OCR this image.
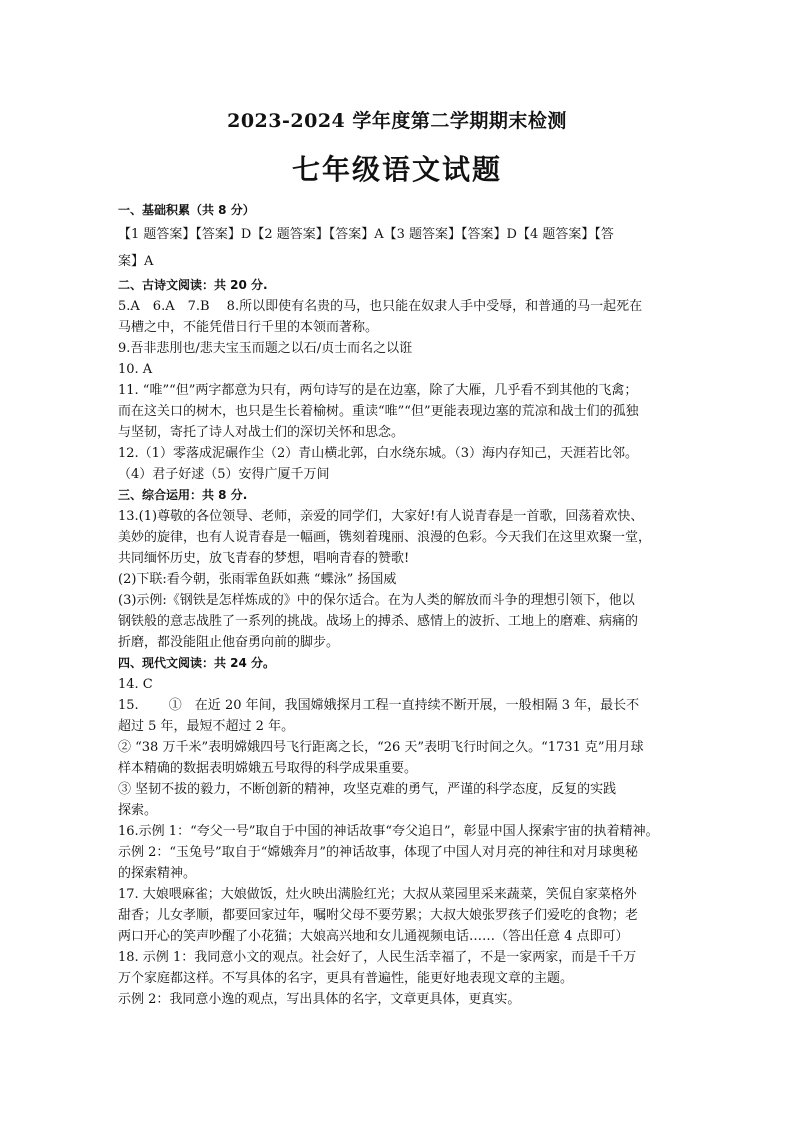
2023-2024 学年度第二学期期末检测
七年级语文试题
一、基础积累（共 8 分）
【1 题答案】【答案】D【2 题答案】【答案】A【3 题答案】【答案】D【4 题答案】【答
案】A
二、古诗文阅读：共 20 分.
5.A　6.A　7.B　 8.所以即使有名贵的马，也只能在奴隶人手中受辱，和普通的马一起死在
马槽之中，不能凭借日行千里的本领而著称。
9.吾非悲刖也/悲夫宝玉而题之以石/贞士而名之以诳
10. A
11. “唯”“但”两字都意为只有，两句诗写的是在边塞，除了大雁，几乎看不到其他的飞禽；
而在这关口的树木，也只是生长着榆树。重读“唯”“但”更能表现边塞的荒凉和战士们的孤独
与坚韧，寄托了诗人对战士们的深切关怀和思念。
12.（1）零落成泥碾作尘（2）青山横北郭，白水绕东城。（3）海内存知己，天涯若比邻。
（4）君子好逑（5）安得广厦千万间
三、综合运用：共 8 分.
13.(1)尊敬的各位领导、老师，亲爱的同学们，大家好!有人说青春是一首歌，回荡着欢快、
美妙的旋律，也有人说青春是一幅画，镌刻着瑰丽、浪漫的色彩。今天我们在这里欢聚一堂，
共同缅怀历史，放飞青春的梦想，唱响青春的赞歌!
(2)下联:看今朝，张雨霏鱼跃如燕 “蝶泳” 扬国威
(3)示例:《钢铁是怎样炼成的》中的保尔适合。在为人类的解放而斗争的理想引领下，他以
钢铁般的意志战胜了一系列的挑战。战场上的搏杀、感情上的波折、工地上的磨难、病痛的
折磨，都没能阻止他奋勇向前的脚步。
四、现代文阅读：共 24 分。
14. C
15.　　 ①　在近 20 年间，我国嫦娥探月工程一直持续不断开展，一般相隔 3 年，最长不
超过 5 年，最短不超过 2 年。
② “38 万千米”表明嫦娥四号飞行距离之长，“26 天”表明飞行时间之久。“1731 克”用月球
样本精确的数据表明嫦娥五号取得的科学成果重要。
③ 坚韧不拔的毅力，不断创新的精神，攻坚克难的勇气，严谨的科学态度，反复的实践
探索。
16.示例 1：“夸父一号”取自于中国的神话故事“夸父追日”，彰显中国人探索宇宙的执着精神。
示例 2：“玉兔号”取自于“嫦娥奔月”的神话故事，体现了中国人对月亮的神往和对月球奥秘
的探索精神。
17. 大娘喂麻雀；大娘做饭，灶火映出满脸红光；大叔从菜园里采来蔬菜，笑侃自家菜格外
甜香；儿女孝顺，都要回家过年，嘱咐父母不要劳累；大叔大娘张罗孩子们爱吃的食物；老
两口开心的笑声吵醒了小花猫；大娘高兴地和女儿通视频电话……（答出任意 4 点即可）
18. 示例 1：我同意小文的观点。社会好了，人民生活幸福了，不是一家两家，而是千千万
万个家庭都这样。不写具体的名字，更具有普遍性，能更好地表现文章的主题。
示例 2：我同意小逸的观点，写出具体的名字，文章更具体，更真实。
